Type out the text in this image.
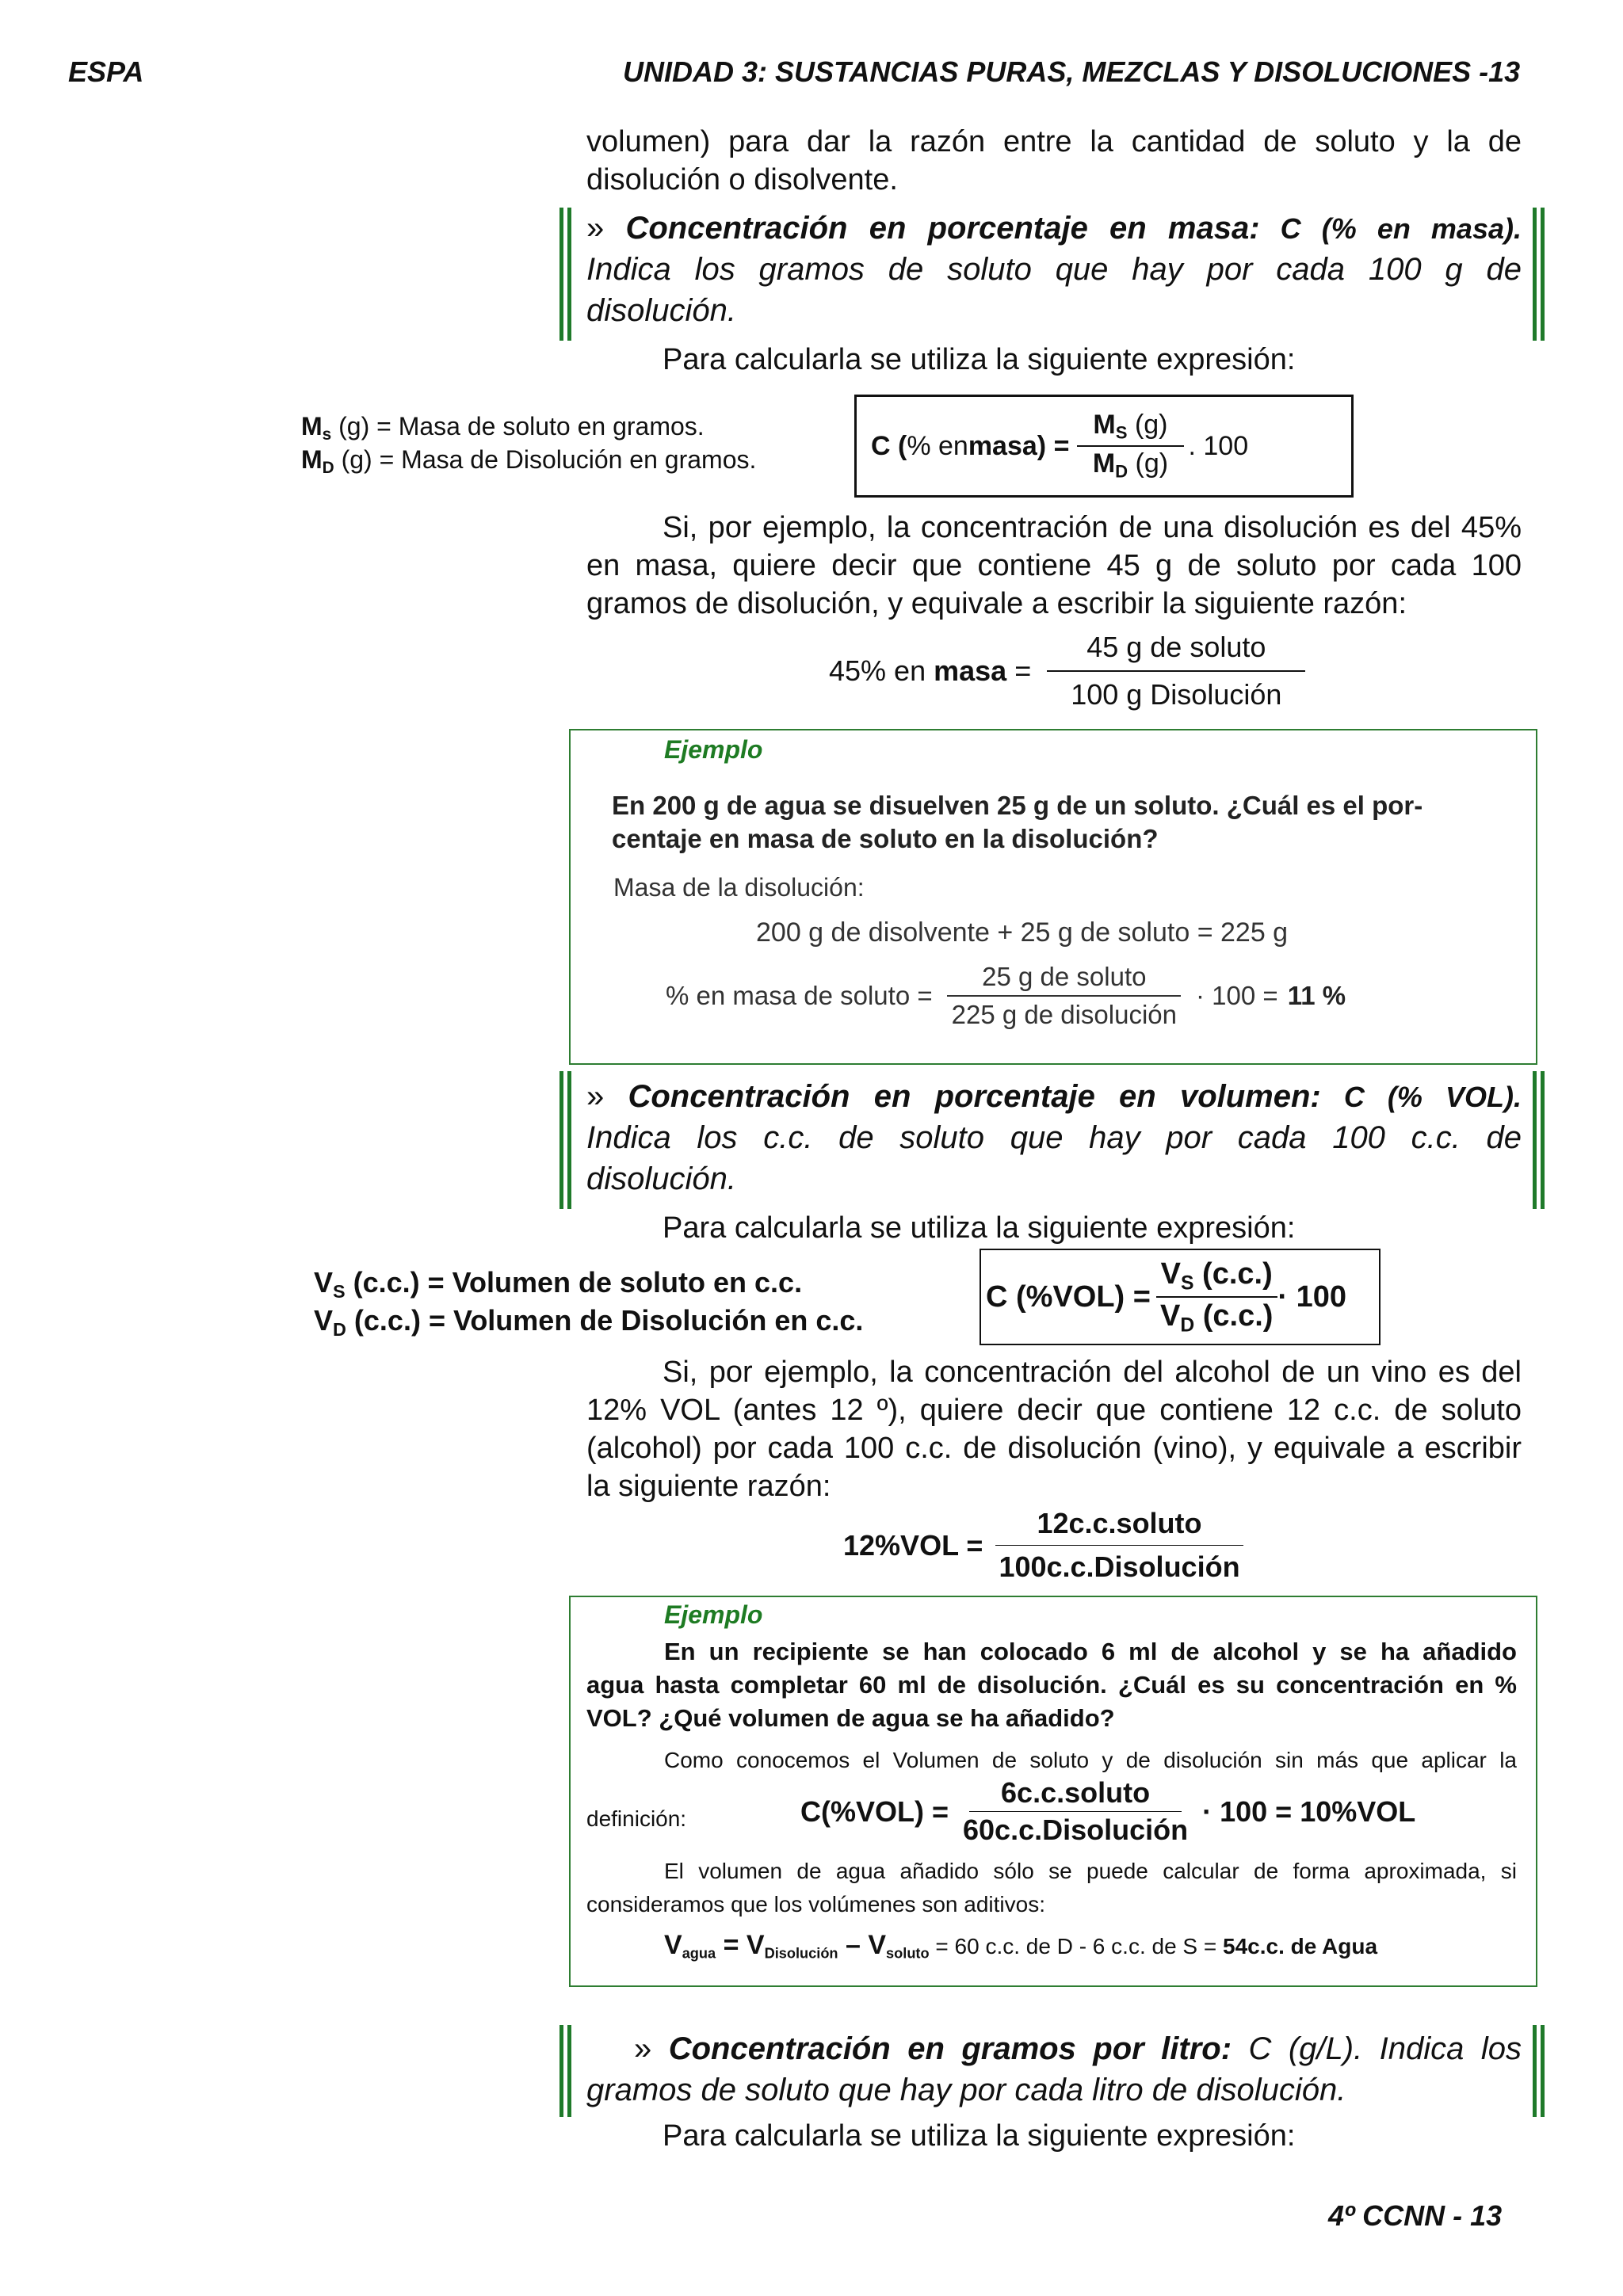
ESPA	UNIDAD 3: SUSTANCIAS PURAS, MEZCLAS Y DISOLUCIONES -13
volumen) para dar la razón entre la cantidad de soluto y la de
disolución o disolvente.
» Concentración en porcentaje en masa: C (% en masa).
Indica los gramos de soluto que hay por cada 100 g de
disolución.
Para calcularla se utiliza la siguiente expresión:
$M_s$ (g) = Masa de soluto en gramos.
$M_D$ (g) = Masa de Disolución en gramos.	C ( % en masa ) = $\frac{M_S (g)}{M_D (g)}$ . 100
Si, por ejemplo, la concentración de una disolución es del 45%
en masa, quiere decir que contiene 45 g de soluto por cada 100
gramos de disolución, y equivale a escribir la siguiente razón:
45% en masa = $\frac{\text{45 g de soluto}}{\text{100 g Disolución}}$
Ejemplo
En 200 g de agua se disuelven 25 g de un soluto. ¿Cuál es el por-
centaje en masa de soluto en la disolución?
Masa de la disolución:
200 g de disolvente + 25 g de soluto = 225 g
% en masa de soluto = $\frac{\text{25 g de soluto}}{\text{225 g de disolución}} \cdot 100 = 11$ %
» Concentración en porcentaje en volumen: C (% VOL).
Indica los c.c. de soluto que hay por cada 100 c.c. de
disolución.
Para calcularla se utiliza la siguiente expresión:
$V_S$ (c.c.) = Volumen de soluto en c.c.
$V_D$ (c.c.) = Volumen de Disolución en c.c.
C $(\%VOL) = \frac{V_S (c.c.)}{V_D (c.c.)} \cdot 100$
Si, por ejemplo, la concentración del alcohol de un vino es del
12% VOL (antes 12 º), quiere decir que contiene 12 c.c. de soluto
(alcohol) por cada 100 c.c. de disolución (vino), y equivale a escribir
la siguiente razón:
$12\%VOL = \frac{\text{12c.c.soluto}}{\text{100c.c.Disolución}}$
Ejemplo
En un recipiente se han colocado 6 ml de alcohol y se ha añadido
agua hasta completar 60 ml de disolución. ¿Cuál es su concentración en %
VOL? ¿Qué volumen de agua se ha añadido?
Como conocemos el Volumen de soluto y de disolución sin más que aplicar la
definición:	$C(\%VOL) = \frac{\text{6c.c.soluto}}{\text{60c.c.Disolución}} \cdot 100 = 10\%VOL$
El volumen de agua añadido sólo se puede calcular de forma aproximada, si
consideramos que los volúmenes son aditivos:
$V_{agua} = V_{Disolución} - V_{soluto} = 60$ c.c. de D - 6 c.c. de S = 54c.c. de Agua
» Concentración en gramos por litro: C (g/L). Indica los
gramos de soluto que hay por cada litro de disolución.
Para calcularla se utiliza la siguiente expresión:
4º CCNN - 13
